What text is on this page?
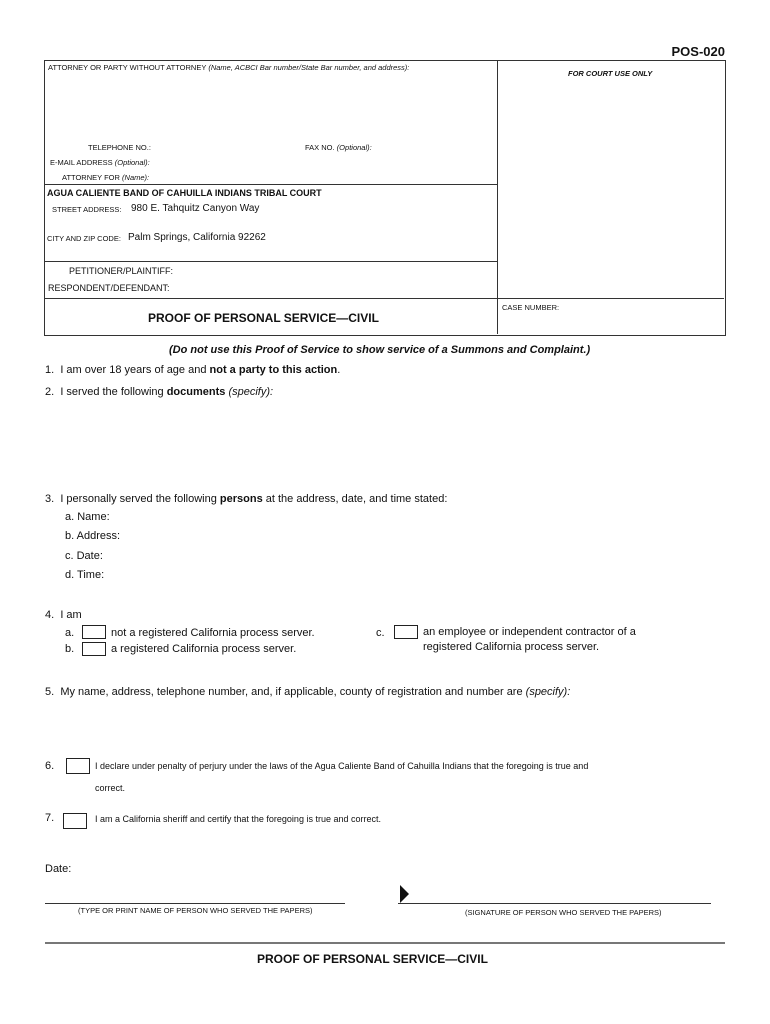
POS-020
ATTORNEY OR PARTY WITHOUT ATTORNEY (Name, ACBCI Bar number/State Bar number, and address):
FOR COURT USE ONLY
TELEPHONE NO.:	FAX NO. (Optional):
E-MAIL ADDRESS (Optional):
ATTORNEY FOR (Name):
AGUA CALIENTE BAND OF CAHUILLA INDIANS TRIBAL COURT
STREET ADDRESS: 980 E. Tahquitz Canyon Way
CITY AND ZIP CODE: Palm Springs, California 92262
PETITIONER/PLAINTIFF:
RESPONDENT/DEFENDANT:
PROOF OF PERSONAL SERVICE—CIVIL
CASE NUMBER:
(Do not use this Proof of Service to show service of a Summons and Complaint.)
1. I am over 18 years of age and not a party to this action.
2. I served the following documents (specify):
3. I personally served the following persons at the address, date, and time stated:
a. Name:
b. Address:
c. Date:
d. Time:
4. I am
a.	not a registered California process server.
b.	a registered California process server.
c.	an employee or independent contractor of a
registered California process server.
5. My name, address, telephone number, and, if applicable, county of registration and number are (specify):
6.	I declare under penalty of perjury under the laws of the Agua Caliente Band of Cahuilla Indians that the foregoing is true and
correct.
7.	I am a California sheriff and certify that the foregoing is true and correct.
Date:
(TYPE OR PRINT NAME OF PERSON WHO SERVED THE PAPERS)	(SIGNATURE OF PERSON WHO SERVED THE PAPERS)
PROOF OF PERSONAL SERVICE—CIVIL
